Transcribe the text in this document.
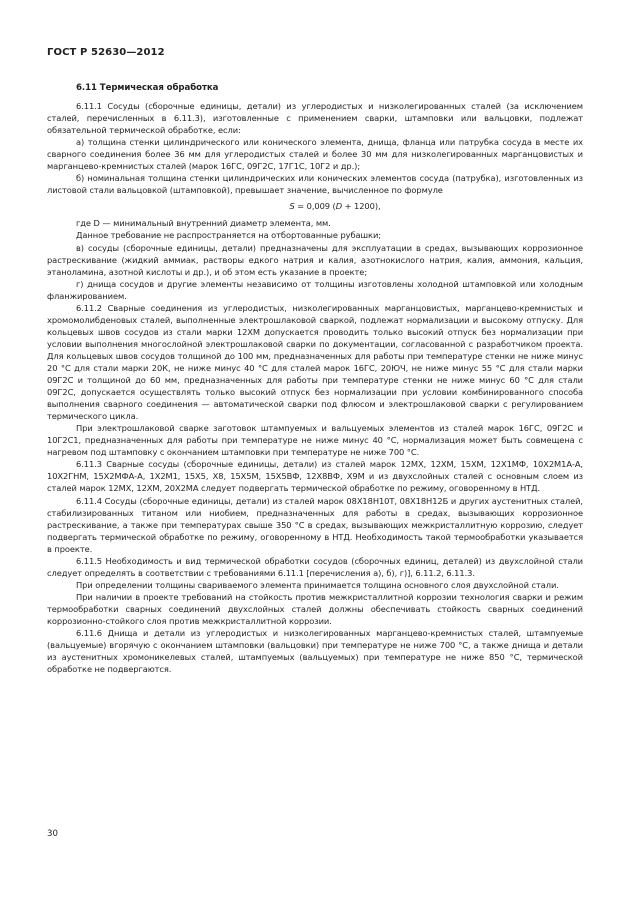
ГОСТ Р 52630—2012
6.11 Термическая обработка

6.11.1 Сосуды (сборочные единицы, детали) из углеродистых и низколегированных сталей (за исключением сталей, перечисленных в 6.11.3), изготовленные с применением сварки, штамповки или вальцовки, подлежат обязательной термической обработке, если:

а) толщина стенки цилиндрического или конического элемента, днища, фланца или патрубка сосуда в месте их сварного соединения более 36 мм для углеродистых сталей и более 30 мм для низколегированных марганцовистых и марганцево-кремнистых сталей (марок 16ГС, 09Г2С, 17Г1С, 10Г2 и др.);

б) номинальная толщина стенки цилиндрических или конических элементов сосуда (патрубка), изготовленных из листовой стали вальцовкой (штамповкой), превышает значение, вычисленное по формуле

S = 0,009 (D + 1200),

где D — минимальный внутренний диаметр элемента, мм.

Данное требование не распространяется на отбортованные рубашки;

в) сосуды (сборочные единицы, детали) предназначены для эксплуатации в средах, вызывающих коррозионное растрескивание (жидкий аммиак, растворы едкого натрия и калия, азотнокислого натрия, калия, аммония, кальция, этаноламина, азотной кислоты и др.), и об этом есть указание в проекте;

г) днища сосудов и другие элементы независимо от толщины изготовлены холодной штамповкой или холодным фланжированием.

6.11.2 Сварные соединения из углеродистых, низколегированных марганцовистых, марганцево-кремнистых и хромомолибденовых сталей, выполненные электрошлаковой сваркой, подлежат нормализации и высокому отпуску. Для кольцевых швов сосудов из стали марки 12ХМ допускается проводить только высокий отпуск без нормализации при условии выполнения многослойной электрошлаковой сварки по документации, согласованной с разработчиком проекта. Для кольцевых швов сосудов толщиной до 100 мм, предназначенных для работы при температуре стенки не ниже минус 20 °С для стали марки 20К, не ниже минус 40 °С для сталей марок 16ГС, 20ЮЧ, не ниже минус 55 °С для стали марки 09Г2С и толщиной до 60 мм, предназначенных для работы при температуре стенки не ниже минус 60 °С для стали 09Г2С, допускается осуществлять только высокий отпуск без нормализации при условии комбинированного способа выполнения сварного соединения — автоматической сварки под флюсом и электрошлаковой сварки с регулированием термического цикла.

При электрошлаковой сварке заготовок штампуемых и вальцуемых элементов из сталей марок 16ГС, 09Г2С и 10Г2С1, предназначенных для работы при температуре не ниже минус 40 °С, нормализация может быть совмещена с нагревом под штамповку с окончанием штамповки при температуре не ниже 700 °С.

6.11.3 Сварные сосуды (сборочные единицы, детали) из сталей марок 12МХ, 12ХМ, 15ХМ, 12Х1МФ, 10Х2М1А-А, 10Х2ГНМ, 15Х2МФА-А, 1Х2М1, 15Х5, Х8, 15Х5М, 15Х5ВФ, 12Х8ВФ, Х9М и из двухслойных сталей с основным слоем из сталей марок 12МХ, 12ХМ, 20Х2МА следует подвергать термической обработке по режиму, оговоренному в НТД.

6.11.4 Сосуды (сборочные единицы, детали) из сталей марок 08Х18Н10Т, 08Х18Н12Б и других аустенитных сталей, стабилизированных титаном или ниобием, предназначенных для работы в средах, вызывающих коррозионное растрескивание, а также при температурах свыше 350 °С в средах, вызывающих межкристаллитную коррозию, следует подвергать термической обработке по режиму, оговоренному в НТД. Необходимость такой термообработки указывается в проекте.

6.11.5 Необходимость и вид термической обработки сосудов (сборочных единиц, деталей) из двухслойной стали следует определять в соответствии с требованиями 6.11.1 [перечисления а), б), г)], 6.11.2, 6.11.3.

При определении толщины свариваемого элемента принимается толщина основного слоя двухслойной стали.

При наличии в проекте требований на стойкость против межкристаллитной коррозии технология сварки и режим термообработки сварных соединений двухслойных сталей должны обеспечивать стойкость сварных соединений коррозионно-стойкого слоя против межкристаллитной коррозии.

6.11.6 Днища и детали из углеродистых и низколегированных марганцево-кремнистых сталей, штампуемые (вальцуемые) вгорячую с окончанием штамповки (вальцовки) при температуре не ниже 700 °С, а также днища и детали из аустенитных хромоникелевых сталей, штампуемых (вальцуемых) при температуре не ниже 850 °С, термической обработке не подвергаются.

30
